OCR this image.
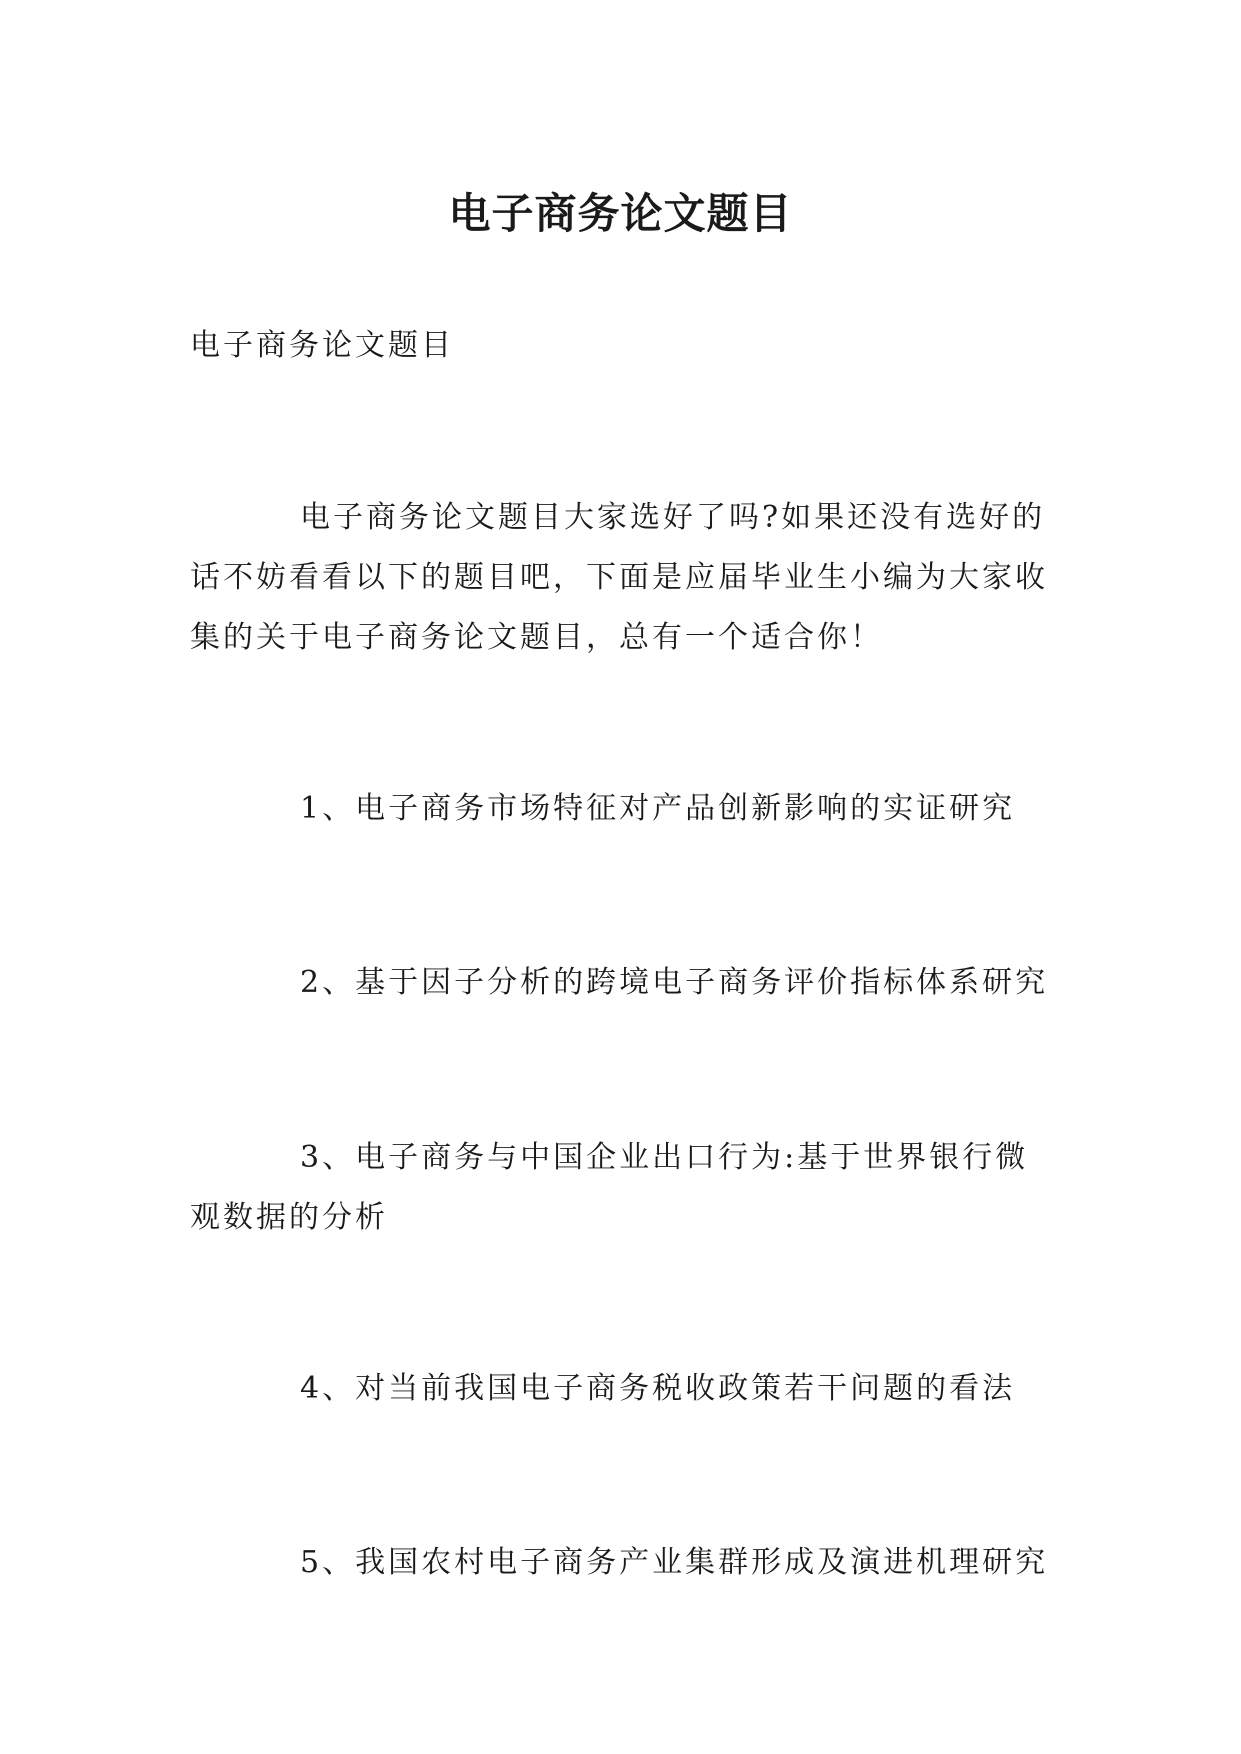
电子商务论文题目

电子商务论文题目

电子商务论文题目大家选好了吗?如果还没有选好的话不妨看看以下的题目吧，下面是应届毕业生小编为大家收集的关于电子商务论文题目，总有一个适合你！

1、电子商务市场特征对产品创新影响的实证研究

2、基于因子分析的跨境电子商务评价指标体系研究

3、电子商务与中国企业出口行为:基于世界银行微观数据的分析

4、对当前我国电子商务税收政策若干问题的看法

5、我国农村电子商务产业集群形成及演进机理研究
